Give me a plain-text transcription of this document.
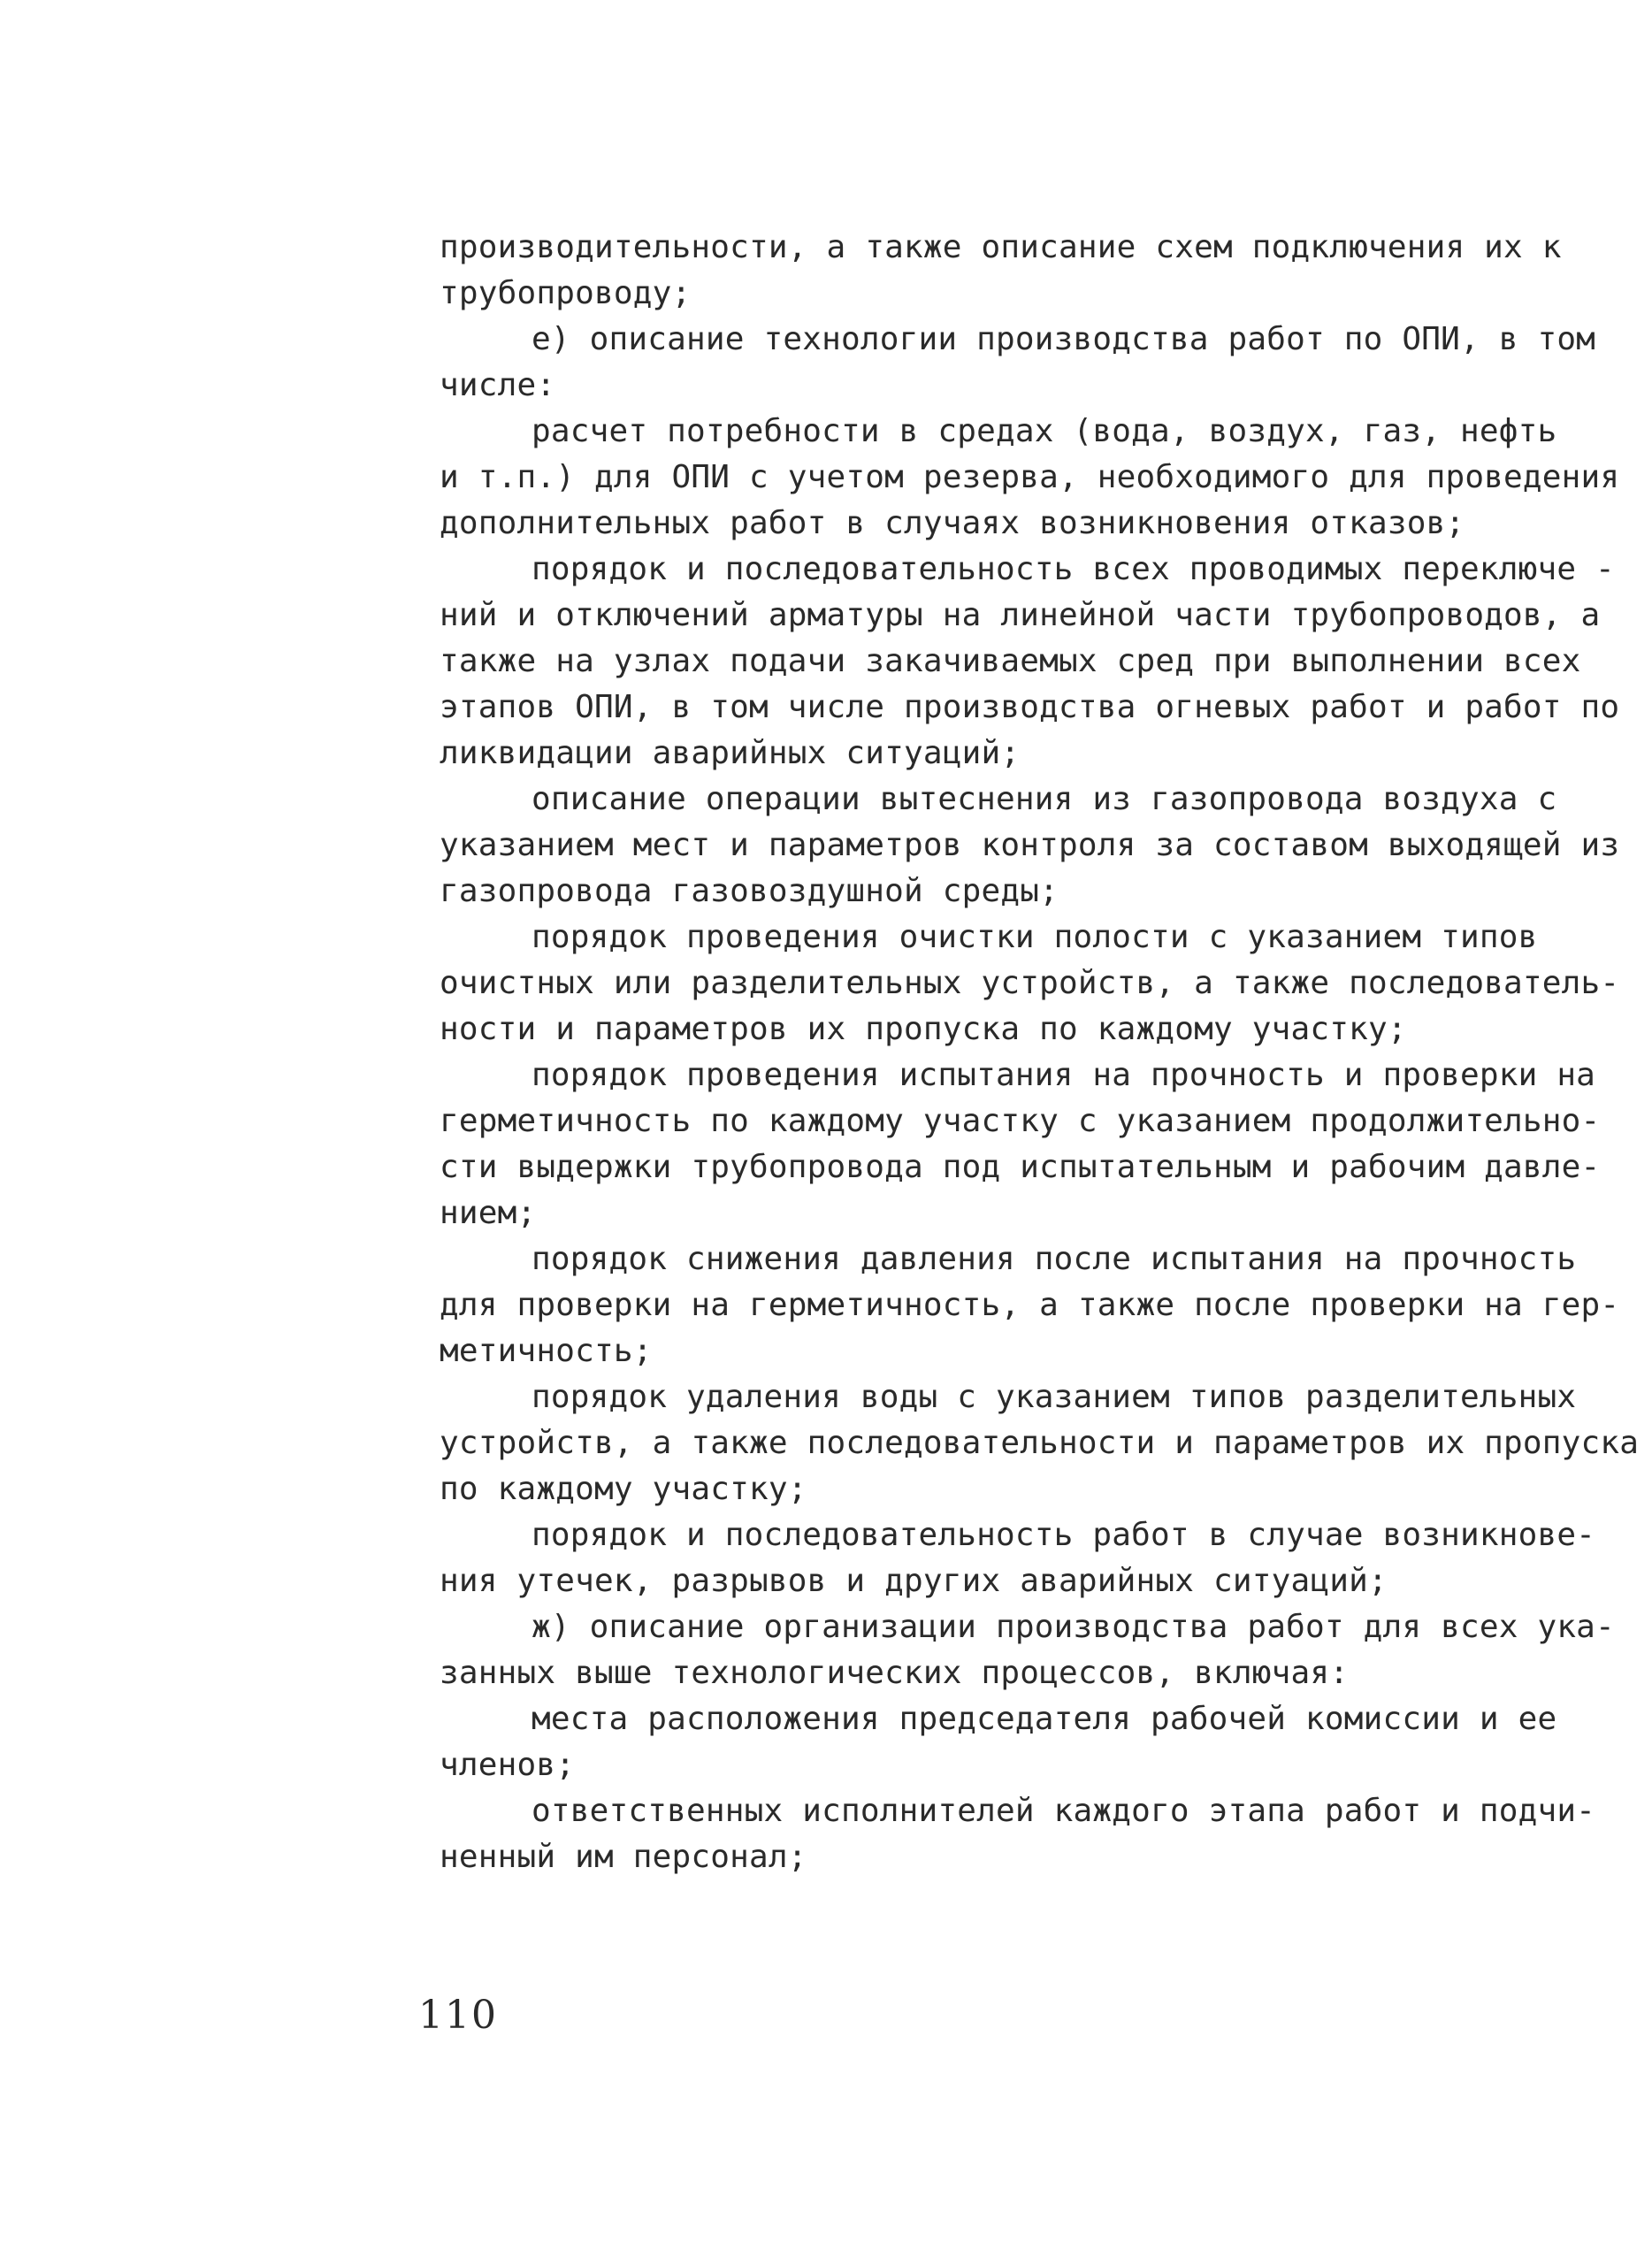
производительности, а также описание схем подключения их к
трубопроводу;
е) описание технологии производства работ по ОПИ, в том
числе:
расчет потребности в средах (вода, воздух, газ, нефть
и т.п.) для ОПИ с учетом резерва, необходимого для проведения
дополнительных работ в случаях возникновения отказов;
порядок и последовательность всех проводимых переключе -
ний и отключений арматуры на линейной части трубопроводов, а
также на узлах подачи закачиваемых сред при выполнении всех
этапов ОПИ, в том числе производства огневых работ и работ по
ликвидации аварийных ситуаций;
описание операции вытеснения из газопровода воздуха с
указанием мест и параметров контроля за составом выходящей из
газопровода газовоздушной среды;
порядок проведения очистки полости с указанием типов
очистных или разделительных устройств, а также последователь-
ности и параметров их пропуска по каждому участку;
порядок проведения испытания на прочность и проверки на
герметичность по каждому участку с указанием продолжительно-
сти выдержки трубопровода под испытательным и рабочим давле-
нием;
порядок снижения давления после испытания на прочность
для проверки на герметичность, а также после проверки на гер-
метичность;
порядок удаления воды с указанием типов разделительных
устройств, а также последовательности и параметров их пропуска
по каждому участку;
порядок и последовательность работ в случае возникнове-
ния утечек, разрывов и других аварийных ситуаций;
ж) описание организации производства работ для всех ука-
занных выше технологических процессов, включая:
места расположения председателя рабочей комиссии и ее
членов;
ответственных исполнителей каждого этапа работ и подчи-
ненный им персонал;
110
